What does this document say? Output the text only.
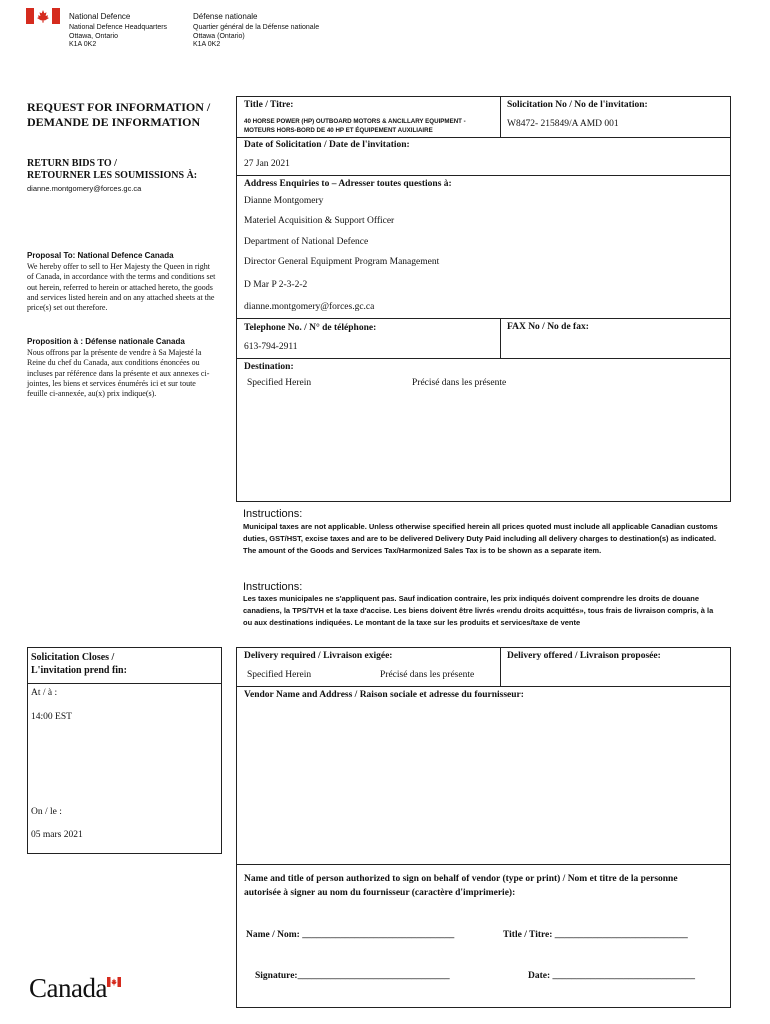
National Defence
National Defence Headquarters
Ottawa, Ontario
K1A 0K2
Défense nationale
Quartier général de la Défense nationale
Ottawa (Ontario)
K1A 0K2
REQUEST FOR INFORMATION /
DEMANDE DE INFORMATION
RETURN BIDS TO /
RETOURNER LES SOUMISSIONS À:
dianne.montgomery@forces.gc.ca
Proposal To: National Defence Canada
We hereby offer to sell to Her Majesty the Queen in right of Canada, in accordance with the terms and conditions set out herein, referred to herein or attached hereto, the goods and services listed herein and on any attached sheets at the price(s) set out therefore.
Proposition à : Défense nationale Canada
Nous offrons par la présente de vendre à Sa Majesté la Reine du chef du Canada, aux conditions énoncées ou incluses par référence dans la présente et aux annexes ci-jointes, les biens et services énumérés ici et sur toute feuille ci-annexée, au(x) prix indique(s).
Title / Titre:
40 HORSE POWER (HP) OUTBOARD MOTORS & ANCILLARY EQUIPMENT -
MOTEURS HORS-BORD DE 40 HP ET ÉQUIPEMENT AUXILIAIRE
Solicitation No / No de l'invitation:
W8472- 215849/A AMD 001
Date of Solicitation / Date de l'invitation:
27 Jan 2021
Address Enquiries to – Adresser toutes questions à:
Dianne Montgomery
Materiel Acquisition & Support Officer
Department of National Defence
Director General Equipment Program Management
D Mar P 2-3-2-2
dianne.montgomery@forces.gc.ca
Telephone No. / N° de téléphone:
613-794-2911
FAX No / No de fax:
Destination:
Specified Herein	Précisé dans les présente
Instructions:
Municipal taxes are not applicable. Unless otherwise specified herein all prices quoted must include all applicable Canadian customs duties, GST/HST, excise taxes and are to be delivered Delivery Duty Paid including all delivery charges to destination(s) as indicated. The amount of the Goods and Services Tax/Harmonized Sales Tax is to be shown as a separate item.
Instructions:
Les taxes municipales ne s'appliquent pas. Sauf indication contraire, les prix indiqués doivent comprendre les droits de douane canadiens, la TPS/TVH et la taxe d'accise. Les biens doivent être livrés «rendu droits acquittés», tous frais de livraison compris, à la ou aux destinations indiquées. Le montant de la taxe sur les produits et services/taxe de vente
Solicitation Closes /
L'invitation prend fin:
At / à :
14:00 EST
On / le :
05 mars 2021
Delivery required / Livraison exigée:
Specified Herein	Précisé dans les présente
Delivery offered / Livraison proposée:
Vendor Name and Address / Raison sociale et adresse du fournisseur:
Name and title of person authorized to sign on behalf of vendor (type or print) / Nom et titre de la personne
autorisée à signer au nom du fournisseur (caractère d'imprimerie):
Name / Nom: ________________________________	Title / Titre: ____________________________
Signature:________________________________	Date: ______________________________
Canada
